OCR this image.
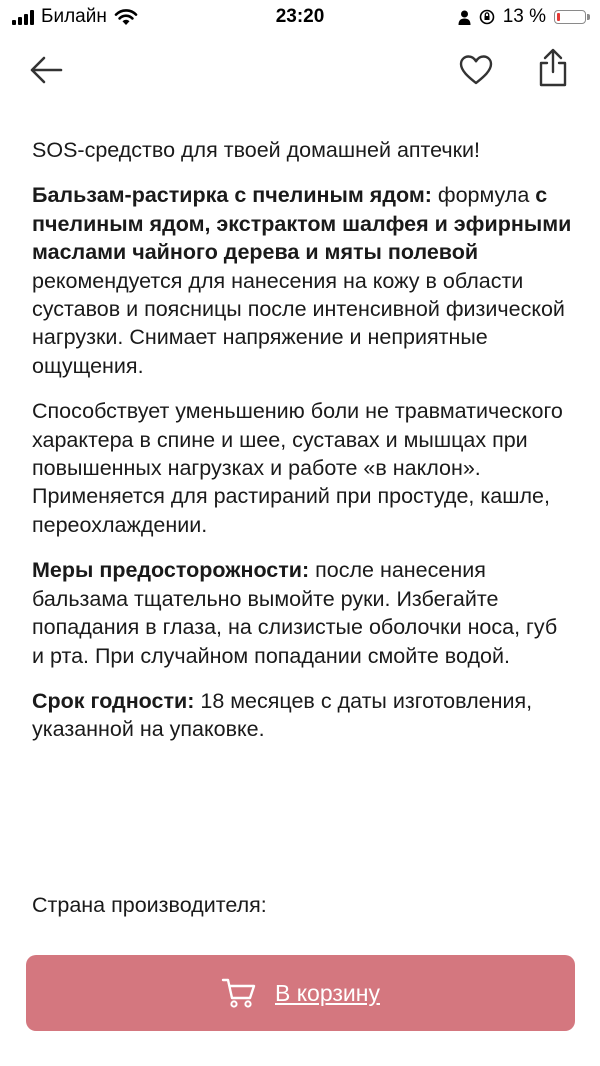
Билайн	23:20	13 %

SOS-средство для твоей домашней аптечки!

Бальзам-растирка с пчелиным ядом: формула с пчелиным ядом, экстрактом шалфея и эфирными маслами чайного дерева и мяты полевой рекомендуется для нанесения на кожу в области суставов и поясницы после интенсивной физической нагрузки. Снимает напряжение и неприятные ощущения.

Способствует уменьшению боли не травматического характера в спине и шее, суставах и мышцах при повышенных нагрузках и работе «в наклон». Применяется для растираний при простуде, кашле, переохлаждении.

Меры предосторожности: после нанесения бальзама тщательно вымойте руки. Избегайте попадания в глаза, на слизистые оболочки носа, губ и рта. При случайном попадании смойте водой.

Срок годности: 18 месяцев с даты изготовления, указанной на упаковке.

Страна производителя:
В корзину
